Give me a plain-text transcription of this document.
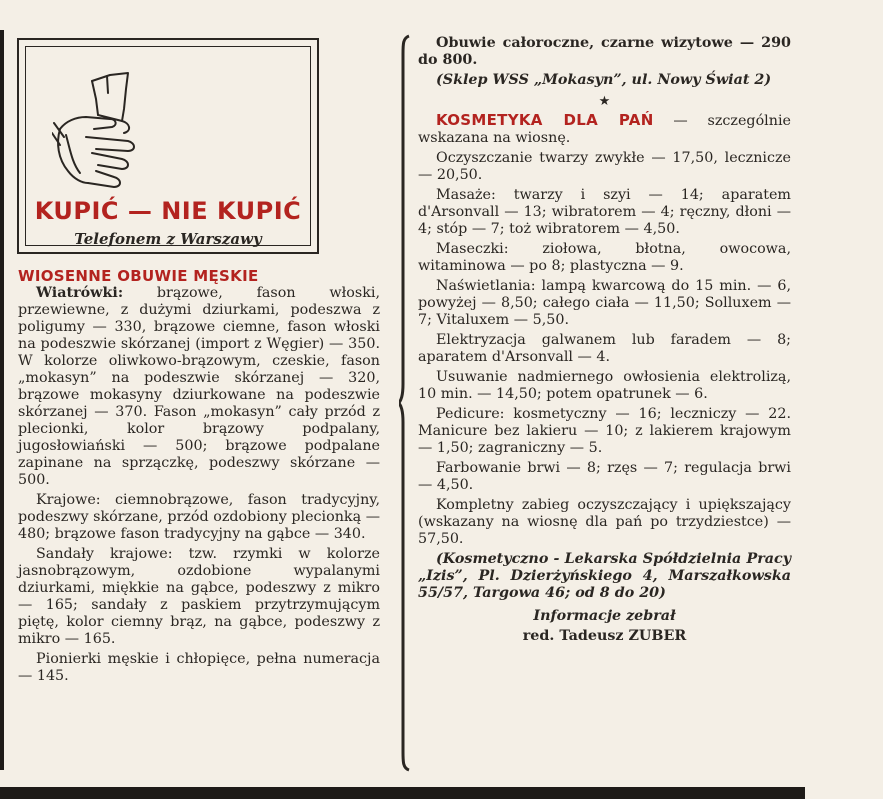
KUPIĆ — NIE KUPIĆ
Telefonem z Warszawy
WIOSENNE OBUWIE MĘSKIE

Wiatrówki: brązowe, fason włoski, przewiewne, z dużymi dziurkami, podeszwa z poligumy — 330, brązowe ciemne, fason włoski na podeszwie skórzanej (import z Węgier) — 350. W kolorze oliwkowo-brązowym, czeskie, fason „mokasyn” na podeszwie skórzanej — 320, brązowe mokasyny dziurkowane na podeszwie skórzanej — 370. Fason „mokasyn” cały przód z plecionki, kolor brązowy podpalany, jugosłowiański — 500; brązowe podpalane zapinane na sprzączkę, podeszwy skórzane — 500.

Krajowe: ciemnobrązowe, fason tradycyjny, podeszwy skórzane, przód ozdobiony plecionką — 480; brązowe fason tradycyjny na gąbce — 340.

Sandały krajowe: tzw. rzymki w kolorze jasnobrązowym, ozdobione wypalanymi dziurkami, miękkie na gąbce, podeszwy z mikro — 165; sandały z paskiem przytrzymującym piętę, kolor ciemny brąz, na gąbce, podeszwy z mikro — 165.

Pionierki męskie i chłopięce, pełna numeracja — 145.

Obuwie całoroczne, czarne wizytowe — 290 do 800.

(Sklep WSS „Mokasyn”, ul. Nowy Świat 2)

★

KOSMETYKA DLA PAŃ — szczególnie wskazana na wiosnę.

Oczyszczanie twarzy zwykłe — 17,50, lecznicze — 20,50.

Masaże: twarzy i szyi — 14; aparatem d'Arsonvall — 13; wibratorem — 4; ręczny, dłoni — 4; stóp — 7; toż wibratorem — 4,50.

Maseczki: ziołowa, błotna, owocowa, witaminowa — po 8; plastyczna — 9.

Naświetlania: lampą kwarcową do 15 min. — 6, powyżej — 8,50; całego ciała — 11,50; Solluxem — 7; Vitaluxem — 5,50.

Elektryzacja galwanem lub faradem — 8; aparatem d'Arsonvall — 4.

Usuwanie nadmiernego owłosienia elektrolizą, 10 min. — 14,50; potem opatrunek — 6.

Pedicure: kosmetyczny — 16; leczniczy — 22. Manicure bez lakieru — 10; z lakierem krajowym — 1,50; zagraniczny — 5.

Farbowanie brwi — 8; rzęs — 7; regulacja brwi — 4,50.

Kompletny zabieg oczyszczający i upiększający (wskazany na wiosnę dla pań po trzydziestce) — 57,50.

(Kosmetyczno - Lekarska Spółdzielnia Pracy „Izis”, Pl. Dzierżyńskiego 4, Marszałkowska 55/57, Targowa 46; od 8 do 20)

Informacje zebrał

red. Tadeusz ZUBER
